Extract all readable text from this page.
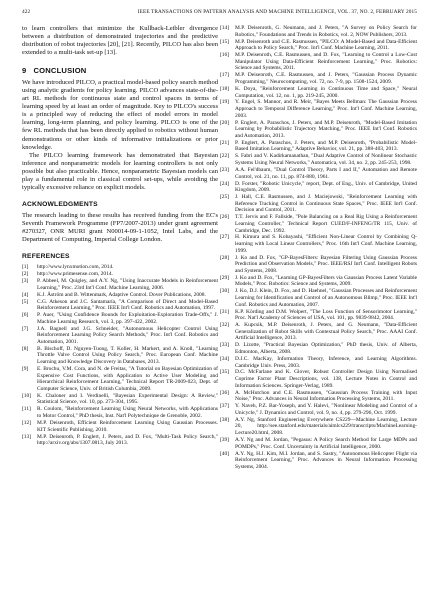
422	IEEE TRANSACTIONS ON PATTERN ANALYSIS AND MACHINE INTELLIGENCE, VOL. 37, NO. 2, FEBRUARY 2015

to learn controllers that minimize the Kullback-Leibler divergence between a distribution of demonstrated trajectories and the predictive distribution of robot trajectories [20], [21]. Recently, PILCO has also been extended to a multi-task set-up [13].

9 CONCLUSION

We have introduced PILCO, a practical model-based policy search method using analytic gradients for policy learning. PILCO advances state-of-the-art RL methods for continuous state and control spaces in terms of learning speed by at least an order of magnitude. Key to PILCO's success is a principled way of reducing the effect of model errors in model learning, long-term planning, and policy learning. PILCO is one of the few RL methods that has been directly applied to robotics without human demonstrations or other kinds of informative initializations or prior knowledge.

The PILCO learning framework has demonstrated that Bayesian inference and nonparametric models for learning controllers is not only possible but also practicable. Hence, nonparametric Bayesian models can play a fundamental role in classical control set-ups, while avoiding the typically excessive reliance on explicit models.

ACKNOWLEDGMENTS

The research leading to these results has received funding from the EC's Seventh Framework Programme (FP7/2007-2013) under grant agreement #270327, ONR MURI grant N00014-09-1-1052, Intel Labs, and the Department of Computing, Imperial College London.

REFERENCES
[1] http://www.lynxmotion.com, 2014.
[2] http://www.primesense.com, 2014.
[3] P. Abbeel, M. Quigley, and A.Y. Ng, "Using Inaccurate Models in Reinforcement Learning," Proc. 23rd Int'l Conf. Machine Learning, 2006.
[4] K.J. Åström and B. Wittenmark, Adaptive Control. Dover Publications, 2008.
[5] C.G. Atkeson and J.C. Santamaría, "A Comparison of Direct and Model-Based Reinforcement Learning," Proc. IEEE Int'l Conf. Robotics and Automation, 1997.
[6] P. Auer, "Using Confidence Bounds for Exploitation-Exploration Trade-Offs," J. Machine Learning Research, vol. 3, pp. 397-422, 2002.
[7] J.A. Bagnell and J.G. Schneider, "Autonomous Helicopter Control Using Reinforcement Learning Policy Search Methods," Proc. Int'l Conf. Robotics and Automation, 2001.
[8] B. Bischoff, D. Nguyen-Tuong, T. Koller, H. Markert, and A. Knoll, "Learning Throttle Valve Control Using Policy Search," Proc. European Conf. Machine Learning and Knowledge Discovery in Databases, 2013.
[9] E. Brochu, V.M. Cora, and N. de Freitas, "A Tutorial on Bayesian Optimization of Expensive Cost Functions, with Application to Active User Modeling and Hierarchical Reinforcement Learning," Technical Report TR-2009-023, Dept. of Computer Science, Univ. of British Columbia, 2009.
[10] K. Chaloner and I. Verdinelli, "Bayesian Experimental Design: A Review," Statistical Science, vol. 10, pp. 273-304, 1995.
[11] R. Coulom, "Reinforcement Learning Using Neural Networks, with Applications to Motor Control," PhD thesis, Inst. Nat'l Polytechnique de Grenoble, 2002.
[12] M.P. Deisenroth, Efficient Reinforcement Learning Using Gaussian Processes. KIT Scientific Publishing, 2010.
[13] M.P. Deisenroth, P. Englert, J. Peters, and D. Fox, "Multi-Task Policy Search," http://arxiv.org/abs/1307.0813, July 2013.
[14] M.P. Deisenroth, G. Neumann, and J. Peters, "A Survey on Policy Search for Robotics," Foundations and Trends in Robotics, vol. 2, NOW Publishers, 2013.
[15] M.P. Deisenroth and C.E. Rasmussen, "PILCO: A Model-Based and Data-Efficient Approach to Policy Search," Proc. Int'l Conf. Machine Learning, 2011.
[16] M.P. Deisenroth, C.E. Rasmussen, and D. Fox, "Learning to Control a Low-Cost Manipulator Using Data-Efficient Reinforcement Learning," Proc. Robotics: Science and Systems, 2011.
[17] M.P. Deisenroth, C.E. Rasmussen, and J. Peters, "Gaussian Process Dynamic Programming," Neurocomputing, vol. 72, no. 7-9, pp. 1508-1524, 2009.
[18] K. Doya, "Reinforcement Learning in Continuous Time and Space," Neural Computation, vol. 12, no. 1, pp. 219-245, 2000.
[19] Y. Engel, S. Mannor, and R. Meir, "Bayes Meets Bellman: The Gaussian Process Approach to Temporal Difference Learning," Proc. Int'l Conf. Machine Learning, 2003.
[20] P. Englert, A. Paraschos, J. Peters, and M.P. Deisenroth, "Model-Based Imitation Learning by Probabilistic Trajectory Matching," Proc. IEEE Int'l Conf. Robotics and Automation, 2013.
[21] P. Englert, A. Paraschos, J. Peters, and M.P. Deisenroth, "Probabilistic Model-Based Imitation Learning," Adaptive Behavior, vol. 21, pp. 388-403, 2013.
[22] S. Fabri and V. Kadirkamanathan, "Dual Adaptive Control of Nonlinear Stochastic Systems Using Neural Networks," Automatica, vol. 34, no. 2, pp. 245-253, 1998.
[23] A.A. Fel'dbaum, "Dual Control Theory, Parts I and II," Automation and Remote Control, vol. 21, no. 11, pp. 874-880, 1961.
[24] D. Forster, "Robotic Unicycle," report, Dept. of Eng., Univ. of Cambridge, United Kingdom, 2009.
[25] J. Hall, C.E. Rasmussen, and J. Maciejowski, "Reinforcement Learning with Reference Tracking Control in Continuous State Spaces," Proc. IEEE Int'l Conf. Decision and Control, 2011.
[26] T.T. Jervis and F. Fallside, "Pole Balancing on a Real Rig Using a Reinforcement Learning Controller," Technical Report CUED/F-INFENG/TR 115, Univ. of Cambridge, Dec. 1992.
[27] H. Kimura and S. Kobayashi, "Efficient Non-Linear Control by Combining Q-learning with Local Linear Controllers," Proc. 16th Int'l Conf. Machine Learning, 1999.
[28] J. Ko and D. Fox, "GP-BayesFilters: Bayesian Filtering Using Gaussian Process Prediction and Observation Models," Proc. IEEE/RSJ Int'l Conf. Intelligent Robots and Systems, 2008.
[29] J. Ko and D. Fox, "Learning GP-BayesFilters via Gaussian Process Latent Variable Models," Proc. Robotics: Science and Systems, 2009.
[30] J. Ko, D.J. Klein, D. Fox, and D. Haehnel, "Gaussian Processes and Reinforcement Learning for Identification and Control of an Autonomous Blimp," Proc. IEEE Int'l Conf. Robotics and Automation, 2007.
[31] K.P. Körding and D.M. Wolpert, "The Loss Function of Sensorimotor Learning," Proc. Nat'l Academy of Sciences of USA, vol. 101, pp. 9839-9842, 2004.
[32] A. Kupcsik, M.P. Deisenroth, J. Peters, and G. Neumann, "Data-Efficient Generalization of Robot Skills with Contextual Policy Search," Proc. AAAI Conf. Artificial Intelligence, 2013.
[33] D. Lizotte, "Practical Bayesian Optimization," PhD thesis, Univ. of Alberta, Edmonton, Alberta, 2008.
[34] D.J.C. MacKay, Information Theory, Inference, and Learning Algorithms. Cambridge Univ. Press, 2003.
[35] D.C. McFarlane and K. Glover, Robust Controller Design Using Normalised Coprime Factor Plant Descriptions, vol. 138, Lecture Notes in Control and Information Sciences. Springer-Verlag, 1989.
[36] A. McHutchon and C.E. Rasmussen, "Gaussian Process Training with Input Noise," Proc. Advances in Neural Information Processing Systems, 2011.
[37] Y. Naveh, P.Z. Bar-Yoseph, and Y. Halevi, "Nonlinear Modeling and Control of a Unicycle," J. Dynamics and Control, vol. 9, no. 4, pp. 279-296, Oct. 1999.
[38] A.Y. Ng, Stanford Engineering Everywhere CS229—Machine Learning, Lecture 20, http://see.stanford.edu/materials/aimlcs229/transcripts/MachineLearning-Lecture20.html, 2008.
[39] A.Y. Ng and M. Jordan, "Pegasus: A Policy Search Method for Large MDPs and POMDPs," Proc. Conf. Uncertainty in Artificial Intelligence, 2000.
[40] A.Y. Ng, H.J. Kim, M.I. Jordan, and S. Sastry, "Autonomous Helicopter Flight via Reinforcement Learning," Proc. Advances in Neural Information Processing Systems, 2004.
